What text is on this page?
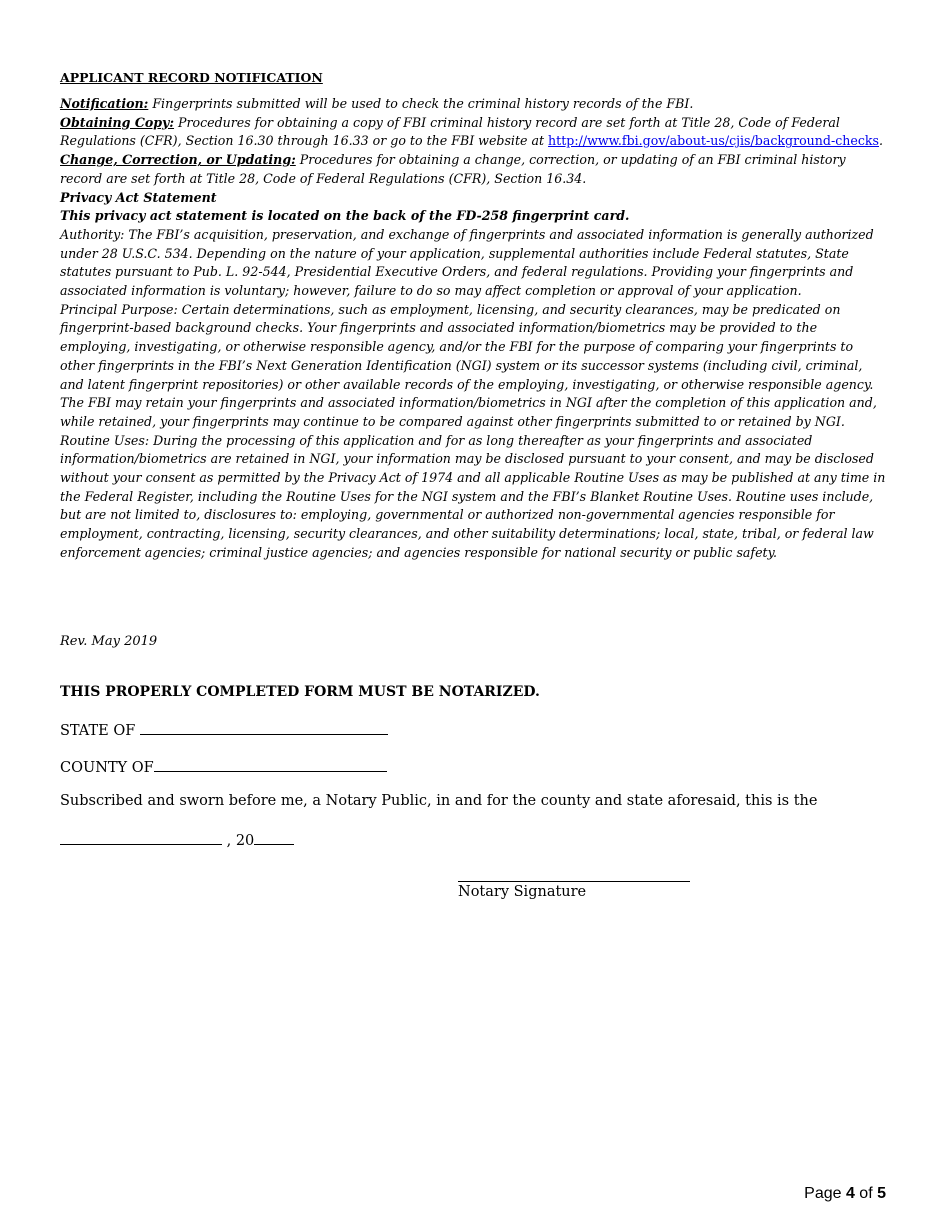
APPLICANT RECORD NOTIFICATION

Notification: Fingerprints submitted will be used to check the criminal history records of the FBI.

Obtaining Copy: Procedures for obtaining a copy of FBI criminal history record are set forth at Title 28, Code of Federal Regulations (CFR), Section 16.30 through 16.33 or go to the FBI website at http://www.fbi.gov/about-us/cjis/background-checks.

Change, Correction, or Updating: Procedures for obtaining a change, correction, or updating of an FBI criminal history record are set forth at Title 28, Code of Federal Regulations (CFR), Section 16.34.

Privacy Act Statement

This privacy act statement is located on the back of the FD-258 fingerprint card.

Authority: The FBI’s acquisition, preservation, and exchange of fingerprints and associated information is generally authorized under 28 U.S.C. 534. Depending on the nature of your application, supplemental authorities include Federal statutes, State statutes pursuant to Pub. L. 92-544, Presidential Executive Orders, and federal regulations. Providing your fingerprints and associated information is voluntary; however, failure to do so may affect completion or approval of your application.

Principal Purpose: Certain determinations, such as employment, licensing, and security clearances, may be predicated on fingerprint-based background checks. Your fingerprints and associated information/biometrics may be provided to the employing, investigating, or otherwise responsible agency, and/or the FBI for the purpose of comparing your fingerprints to other fingerprints in the FBI’s Next Generation Identification (NGI) system or its successor systems (including civil, criminal, and latent fingerprint repositories) or other available records of the employing, investigating, or otherwise responsible agency. The FBI may retain your fingerprints and associated information/biometrics in NGI after the completion of this application and, while retained, your fingerprints may continue to be compared against other fingerprints submitted to or retained by NGI. Routine Uses: During the processing of this application and for as long thereafter as your fingerprints and associated information/biometrics are retained in NGI, your information may be disclosed pursuant to your consent, and may be disclosed without your consent as permitted by the Privacy Act of 1974 and all applicable Routine Uses as may be published at any time in the Federal Register, including the Routine Uses for the NGI system and the FBI’s Blanket Routine Uses. Routine uses include, but are not limited to, disclosures to: employing, governmental or authorized non-governmental agencies responsible for employment, contracting, licensing, security clearances, and other suitability determinations; local, state, tribal, or federal law enforcement agencies; criminal justice agencies; and agencies responsible for national security or public safety.

Rev. May 2019
THIS PROPERLY COMPLETED FORM MUST BE NOTARIZED.
STATE OF
COUNTY OF
Subscribed and sworn before me, a Notary Public, in and for the county and state aforesaid, this is the
, 20
Notary Signature
Page 4 of 5
